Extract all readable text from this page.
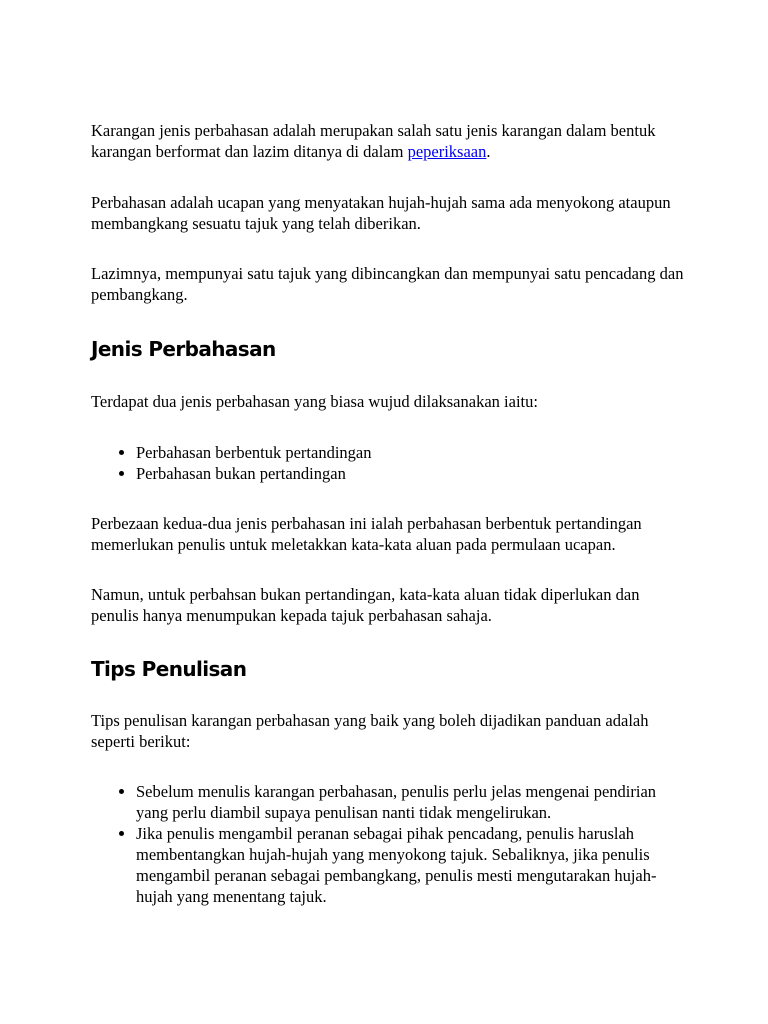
Karangan jenis perbahasan adalah merupakan salah satu jenis karangan dalam bentuk karangan berformat dan lazim ditanya di dalam peperiksaan.

Perbahasan adalah ucapan yang menyatakan hujah-hujah sama ada menyokong ataupun membangkang sesuatu tajuk yang telah diberikan.

Lazimnya, mempunyai satu tajuk yang dibincangkan dan mempunyai satu pencadang dan pembangkang.

Jenis Perbahasan

Terdapat dua jenis perbahasan yang biasa wujud dilaksanakan iaitu:

• Perbahasan berbentuk pertandingan
• Perbahasan bukan pertandingan

Perbezaan kedua-dua jenis perbahasan ini ialah perbahasan berbentuk pertandingan memerlukan penulis untuk meletakkan kata-kata aluan pada permulaan ucapan.

Namun, untuk perbahsan bukan pertandingan, kata-kata aluan tidak diperlukan dan penulis hanya menumpukan kepada tajuk perbahasan sahaja.

Tips Penulisan

Tips penulisan karangan perbahasan yang baik yang boleh dijadikan panduan adalah seperti berikut:

• Sebelum menulis karangan perbahasan, penulis perlu jelas mengenai pendirian yang perlu diambil supaya penulisan nanti tidak mengelirukan.
• Jika penulis mengambil peranan sebagai pihak pencadang, penulis haruslah membentangkan hujah-hujah yang menyokong tajuk. Sebaliknya, jika penulis mengambil peranan sebagai pembangkang, penulis mesti mengutarakan hujah-hujah yang menentang tajuk.
